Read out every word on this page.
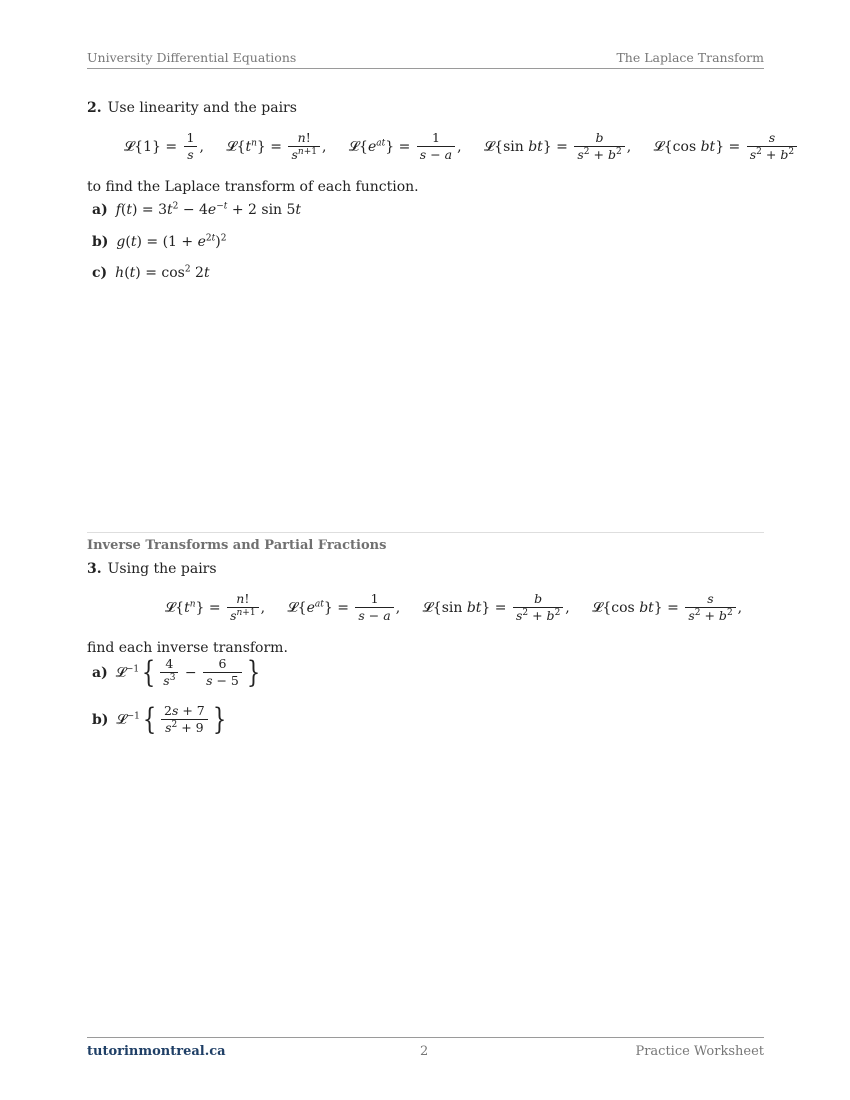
University Differential Equations	The Laplace Transform
2. Use linearity and the pairs
𝓛{1} = $\frac{1}{s}$ , $𝓛\{t^n\} = \frac{n!}{s^{n+1}}$ , $𝓛\{e^{at}\} = \frac{1}{s - a}$ , 𝓛{sin $bt\} = \frac{b}{s^2 + b^2}$ , 𝓛{cos $bt\} = \frac{s}{s^2 + b^2}$
to find the Laplace transform of each function.
a) $f(t) = 3t^2 - 4e^{-t} + 2$ sin 5t
b) $g(t) = (1 + e^{2t})^2$
c) $h(t) = \cos^2 2t$
Inverse Transforms and Partial Fractions
3. Using the pairs
$𝓛\{t^n\} = \frac{n!}{s^{n+1}}$ , $𝓛\{e^{at}\} = \frac{1}{s - a}$ , 𝓛{sin $bt\} = \frac{b}{s^2 + b^2}$ , 𝓛{cos $bt\} = \frac{s}{s^2 + b^2}$ ,
find each inverse transform.
a) 𝓛$^{-1}${ $\frac{4}{s^3} - \frac{6}{s - 5}$ }
b) 𝓛$^{-1}${ $\frac{2s + 7}{s^2 + 9}$ }
tutorinmontreal.ca	2	Practice Worksheet
